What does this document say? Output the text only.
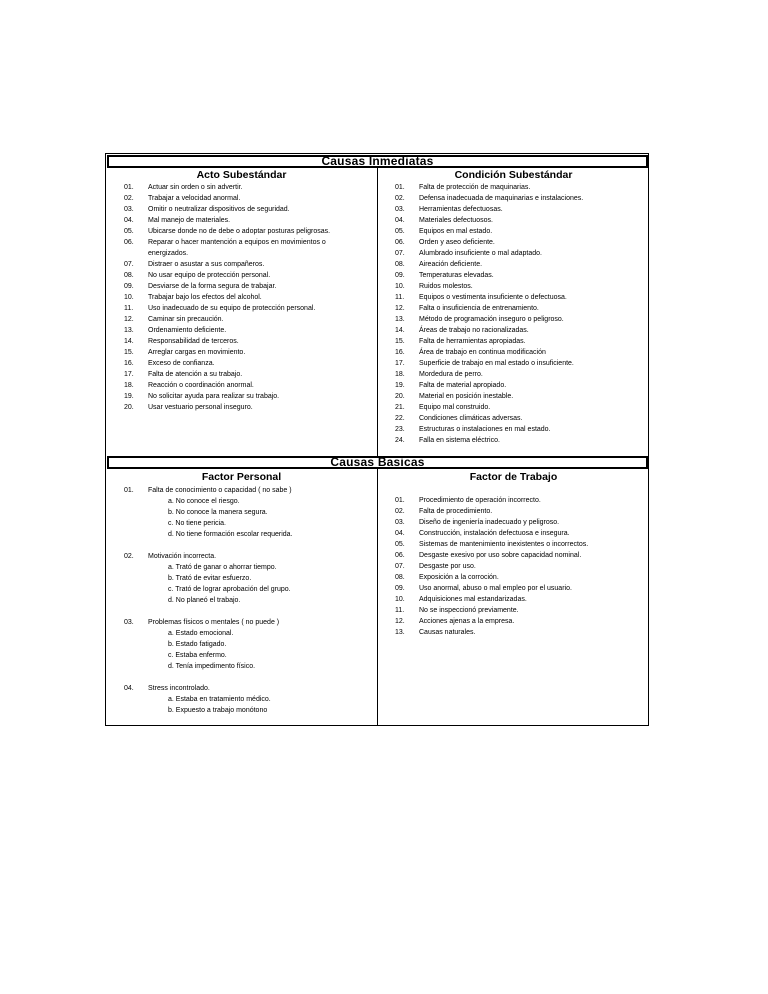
Causas Inmediatas
Acto Subestándar	Condición Subestándar
01.	Actuar sin orden o sin advertir.
02.	Trabajar a velocidad anormal.
03.	Omitir o neutralizar dispositivos de seguridad.
04.	Mal manejo de materiales.
05.	Ubicarse donde no de debe o adoptar posturas peligrosas.
06.	Reparar o hacer mantención a equipos en movimientos o
energizados.
07.	Distraer o asustar a sus compañeros.
08.	No usar equipo de protección personal.
09.	Desviarse de la forma segura de trabajar.
10.	Trabajar bajo los efectos del alcohol.
11.	Uso inadecuado de su equipo de protección personal.
12.	Caminar sin precaución.
13.	Ordenamiento deficiente.
14.	Responsabilidad de terceros.
15.	Arreglar cargas en movimiento.
16.	Exceso de confianza.
17.	Falta de atención a su trabajo.
18.	Reacción o coordinación anormal.
19.	No solicitar ayuda para realizar su trabajo.
20.	Usar vestuario personal inseguro.
01.	Falta de protección de maquinarias.
02.	Defensa inadecuada de maquinarias e instalaciones.
03.	Herramientas defectuosas.
04.	Materiales defectuosos.
05.	Equipos en mal estado.
06.	Orden y aseo deficiente.
07.	Alumbrado insuficiente o mal adaptado.
08.	Aireación deficiente.
09.	Temperaturas elevadas.
10.	Ruidos molestos.
11.	Equipos o vestimenta insuficiente o defectuosa.
12.	Falta o insuficiencia de entrenamiento.
13.	Método de programación inseguro o peligroso.
14.	Áreas de trabajo no racionalizadas.
15.	Falta de herramientas apropiadas.
16.	Área de trabajo en continua modificación
17.	Superficie de trabajo en mal estado o insuficiente.
18.	Mordedura de perro.
19.	Falta de material apropiado.
20.	Material en posición inestable.
21.	Equipo mal construido.
22.	Condiciones climáticas adversas.
23.	Estructuras o instalaciones en mal estado.
24.	Falla en sistema eléctrico.
Causas Basicas
Factor Personal	Factor de Trabajo
01.	Falta de conocimiento o capacidad ( no sabe )
a. No conoce el riesgo.
b. No conoce la manera segura.
c. No tiene pericia.
d. No tiene formación escolar requerida.
02.	Motivación incorrecta.
a. Trató de ganar o ahorrar tiempo.
b. Trató de evitar esfuerzo.
c. Trató de lograr aprobación del grupo.
d. No planeó el trabajo.
03.	Problemas físicos o mentales ( no puede )
a. Estado emocional.
b. Estado fatigado.
c. Estaba enfermo.
d. Tenía impedimento físico.
04.	Stress incontrolado.
a. Estaba en tratamiento médico.
b. Expuesto a trabajo monótono
01.	Procedimiento de operación incorrecto.
02.	Falta de procedimiento.
03.	Diseño de ingeniería inadecuado y peligroso.
04.	Construcción, instalación defectuosa e insegura.
05.	Sistemas de mantenimiento inexistentes o incorrectos.
06.	Desgaste exesivo por uso sobre capacidad nominal.
07.	Desgaste por uso.
08.	Exposición a la corroción.
09.	Uso anormal, abuso o mal empleo por el usuario.
10.	Adquisiciones mal estandarizadas.
11.	No se inspeccionó previamente.
12.	Acciones ajenas a la empresa.
13.	Causas naturales.
